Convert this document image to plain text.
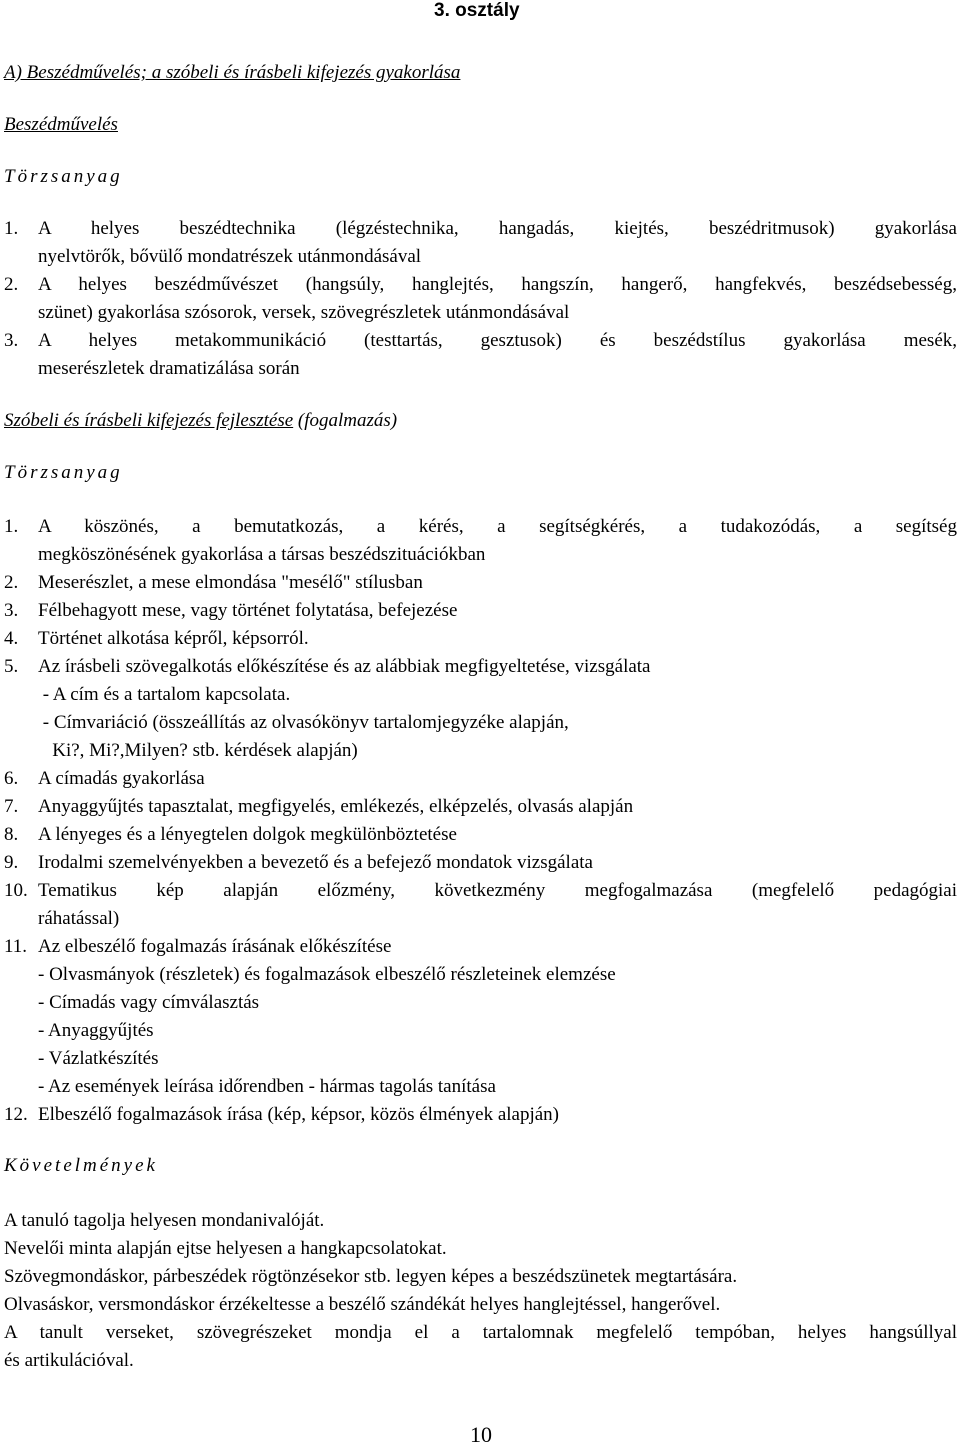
3. osztály
A) Beszédművelés; a szóbeli és írásbeli kifejezés gyakorlása
Beszédművelés
Törzsanyag
1.	A helyes beszédtechnika (légzéstechnika, hangadás, kiejtés, beszédritmusok) gyakorlása
nyelvtörők, bővülő mondatrészek utánmondásával
2.	A helyes beszédművészet (hangsúly, hanglejtés, hangszín, hangerő, hangfekvés, beszédsebesség,
szünet) gyakorlása szósorok, versek, szövegrészletek utánmondásával
3.	A helyes metakommunikáció (testtartás, gesztusok) és beszédstílus gyakorlása mesék,
meserészletek dramatizálása során
Szóbeli és írásbeli kifejezés fejlesztése (fogalmazás)
Törzsanyag
1.	A köszönés, a bemutatkozás, a kérés, a segítségkérés, a tudakozódás, a segítség
megköszönésének gyakorlása a társas beszédszituációkban
2.	Meserészlet, a mese elmondása "mesélő" stílusban
3.	Félbehagyott mese, vagy történet folytatása, befejezése
4.	Történet alkotása képről, képsorról.
5.	Az írásbeli szövegalkotás előkészítése és az alábbiak megfigyeltetése, vizsgálata
- A cím és a tartalom kapcsolata.
- Címvariáció (összeállítás az olvasókönyv tartalomjegyzéke alapján,
Ki?, Mi?,Milyen? stb. kérdések alapján)
6.	A címadás gyakorlása
7.	Anyaggyűjtés tapasztalat, megfigyelés, emlékezés, elképzelés, olvasás alapján
8.	A lényeges és a lényegtelen dolgok megkülönböztetése
9.	Irodalmi szemelvényekben a bevezető és a befejező mondatok vizsgálata
10. Tematikus kép alapján előzmény, következmény megfogalmazása (megfelelő pedagógiai
ráhatással)
11. Az elbeszélő fogalmazás írásának előkészítése
- Olvasmányok (részletek) és fogalmazások elbeszélő részleteinek elemzése
- Címadás vagy címválasztás
- Anyaggyűjtés
- Vázlatkészítés
- Az események leírása időrendben - hármas tagolás tanítása
12. Elbeszélő fogalmazások írása (kép, képsor, közös élmények alapján)
Követelmények

A tanuló tagolja helyesen mondanivalóját.

Nevelői minta alapján ejtse helyesen a hangkapcsolatokat.

Szövegmondáskor, párbeszédek rögtönzésekor stb. legyen képes a beszédszünetek megtartására.

Olvasáskor, versmondáskor érzékeltesse a beszélő szándékát helyes hanglejtéssel, hangerővel.

A tanult verseket, szövegrészeket mondja el a tartalomnak megfelelő tempóban, helyes hangsúllyal

és artikulációval.

10
